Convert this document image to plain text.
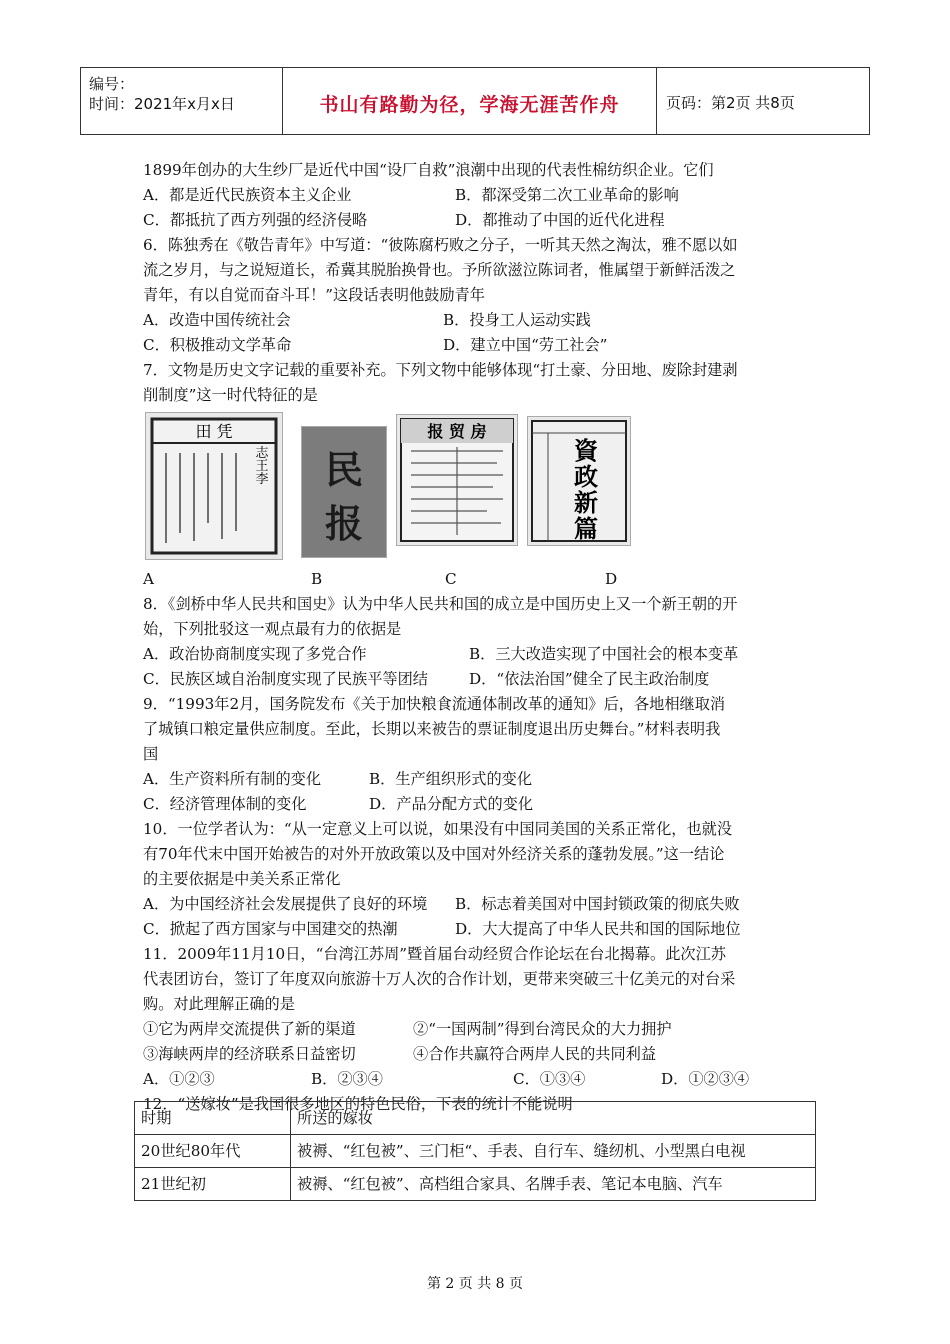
编号：
时间：2021年x月x日	书山有路勤为径，学海无涯苦作舟	页码：第2页 共8页
1899年创办的大生纱厂是近代中国“设厂自救”浪潮中出现的代表性棉纺织企业。它们
A．都是近代民族资本主义企业	B．都深受第二次工业革命的影响
C．都抵抗了西方列强的经济侵略	D．都推动了中国的近代化进程
6．陈独秀在《敬告青年》中写道：“彼陈腐朽败之分子，一听其天然之淘汰，雅不愿以如
流之岁月，与之说短道长，希冀其脱胎换骨也。予所欲滋泣陈词者，惟属望于新鲜活泼之
青年，有以自觉而奋斗耳！”这段话表明他鼓励青年
A．改造中国传统社会	B．投身工人运动实践
C．积极推动文学革命	D．建立中国“劳工社会”
7．文物是历史文字记载的重要补充。下列文物中能够体现“打土豪、分田地、废除封建剥
削制度”这一时代特征的是
田 凭
志王李 民
报
报 贸 房
資
政
新
篇
A	B	C	D
8．《剑桥中华人民共和国史》认为中华人民共和国的成立是中国历史上又一个新王朝的开
始，下列批驳这一观点最有力的依据是
A．政治协商制度实现了多党合作	B．三大改造实现了中国社会的根本变革
C．民族区域自治制度实现了民族平等团结	D．“依法治国”健全了民主政治制度
9．“1993年2月，国务院发布《关于加快粮食流通体制改革的通知》后，各地相继取消
了城镇口粮定量供应制度。至此，长期以来被告的票证制度退出历史舞台。”材料表明我
国
A．生产资料所有制的变化	B．生产组织形式的变化
C．经济管理体制的变化	D．产品分配方式的变化
10．一位学者认为：“从一定意义上可以说，如果没有中国同美国的关系正常化，也就没
有70年代末中国开始被告的对外开放政策以及中国对外经济关系的蓬勃发展。”这一结论
的主要依据是中美关系正常化
A．为中国经济社会发展提供了良好的环境 B．标志着美国对中国封锁政策的彻底失败
C．掀起了西方国家与中国建交的热潮	D．大大提高了中华人民共和国的国际地位
11．2009年11月10日，“台湾江苏周”暨首届台动经贸合作论坛在台北揭幕。此次江苏
代表团访台，签订了年度双向旅游十万人次的合作计划，更带来突破三十亿美元的对台采
购。对此理解正确的是
①它为两岸交流提供了新的渠道	②“一国两制”得到台湾民众的大力拥护
③海峡两岸的经济联系日益密切	④合作共赢符合两岸人民的共同利益
A．①②③	B．②③④	C．①③④	D．①②③④
12．“送嫁妆”是我国很多地区的特色民俗，下表的统计不能说明
时期	所送的嫁妆
20世纪80年代	被褥、“红包被”、三门柜“、手表、自行车、缝纫机、小型黑白电视
21世纪初	被褥、“红包被”、高档组合家具、名牌手表、笔记本电脑、汽车
第 2 页 共 8 页
